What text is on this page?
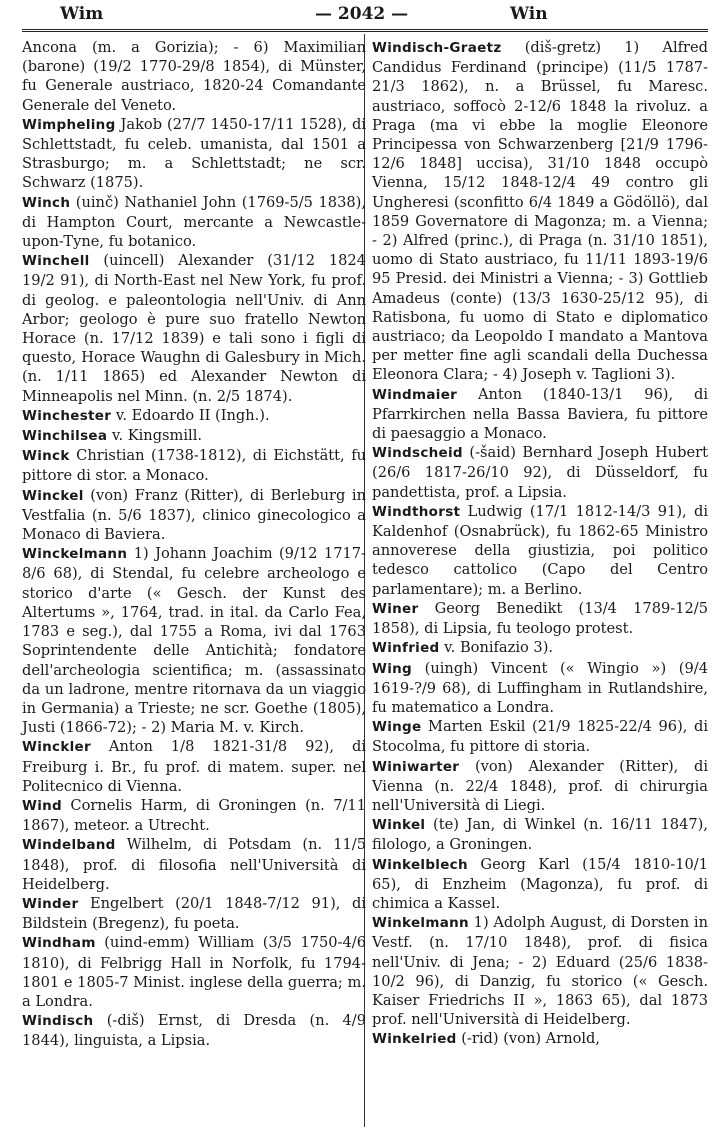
Wim	— 2042 —	Win

Ancona (m. a Gorizia); - 6) Maximilian (barone) (19/2 1770-29/8 1854), di Münster, fu Generale austriaco, 1820-24 Comandante Generale del Veneto.

Wimpheling Jakob (27/7 1450-17/11 1528), di Schlettstadt, fu celeb. umanista, dal 1501 a Strasburgo; m. a Schlettstadt; ne scr. Schwarz (1875).

Winch (uinč) Nathaniel John (1769-5/5 1838), di Hampton Court, mercante a Newcastle-upon-Tyne, fu botanico.

Winchell (uincell) Alexander (31/12 1824 19/2 91), di North-East nel New York, fu prof. di geolog. e paleontologia nell'Univ. di Ann Arbor; geologo è pure suo fratello Newton Horace (n. 17/12 1839) e tali sono i figli di questo, Horace Waughn di Galesbury in Mich. (n. 1/11 1865) ed Alexander Newton di Minneapolis nel Minn. (n. 2/5 1874).

Winchester v. Edoardo II (Ingh.).

Winchilsea v. Kingsmill.

Winck Christian (1738-1812), di Eichstätt, fu pittore di stor. a Monaco.

Winckel (von) Franz (Ritter), di Berleburg in Vestfalia (n. 5/6 1837), clinico ginecologico a Monaco di Baviera.

Winckelmann 1) Johann Joachim (9/12 1717-8/6 68), di Stendal, fu celebre archeologo e storico d'arte (« Gesch. der Kunst des Altertums », 1764, trad. in ital. da Carlo Fea, 1783 e seg.), dal 1755 a Roma, ivi dal 1763 Soprintendente delle Antichità; fondatore dell'archeologia scientifica; m. (assassinato da un ladrone, mentre ritornava da un viaggio in Germania) a Trieste; ne scr. Goethe (1805), Justi (1866-72); - 2) Maria M. v. Kirch.

Winckler Anton 1/8 1821-31/8 92), di Freiburg i. Br., fu prof. di matem. super. nel Politecnico di Vienna.

Wind Cornelis Harm, di Groningen (n. 7/11 1867), meteor. a Utrecht.

Windelband Wilhelm, di Potsdam (n. 11/5 1848), prof. di filosofia nell'Università di Heidelberg.

Winder Engelbert (20/1 1848-7/12 91), di Bildstein (Bregenz), fu poeta.

Windham (uind-emm) William (3/5 1750-4/6 1810), di Felbrigg Hall in Norfolk, fu 1794-1801 e 1805-7 Minist. inglese della guerra; m. a Londra.

Windisch (-diš) Ernst, di Dresda (n. 4/9 1844), linguista, a Lipsia.

Windisch-Graetz (diš-gretz) 1) Alfred Candidus Ferdinand (principe) (11/5 1787-21/3 1862), n. a Brüssel, fu Maresc. austriaco, soffocò 2-12/6 1848 la rivoluz. a Praga (ma vi ebbe la moglie Eleonore Principessa von Schwarzenberg [21/9 1796-12/6 1848] uccisa), 31/10 1848 occupò Vienna, 15/12 1848-12/4 49 contro gli Ungheresi (sconfitto 6/4 1849 a Gödöllö), dal 1859 Governatore di Magonza; m. a Vienna; - 2) Alfred (princ.), di Praga (n. 31/10 1851), uomo di Stato austriaco, fu 11/11 1893-19/6 95 Presid. dei Ministri a Vienna; - 3) Gottlieb Amadeus (conte) (13/3 1630-25/12 95), di Ratisbona, fu uomo di Stato e diplomatico austriaco; da Leopoldo I mandato a Mantova per metter fine agli scandali della Duchessa Eleonora Clara; - 4) Joseph v. Taglioni 3).

Windmaier Anton (1840-13/1 96), di Pfarrkirchen nella Bassa Baviera, fu pittore di paesaggio a Monaco.

Windscheid (-šaid) Bernhard Joseph Hubert (26/6 1817-26/10 92), di Düsseldorf, fu pandettista, prof. a Lipsia.

Windthorst Ludwig (17/1 1812-14/3 91), di Kaldenhof (Osnabrück), fu 1862-65 Ministro annoverese della giustizia, poi politico tedesco cattolico (Capo del Centro parlamentare); m. a Berlino.

Winer Georg Benedikt (13/4 1789-12/5 1858), di Lipsia, fu teologo protest.

Winfried v. Bonifazio 3).

Wing (uingh) Vincent (« Wingio ») (9/4 1619-?/9 68), di Luffingham in Rutlandshire, fu matematico a Londra.

Winge Marten Eskil (21/9 1825-22/4 96), di Stocolma, fu pittore di storia.

Winiwarter (von) Alexander (Ritter), di Vienna (n. 22/4 1848), prof. di chirurgia nell'Università di Liegi.

Winkel (te) Jan, di Winkel (n. 16/11 1847), filologo, a Groningen.

Winkelblech Georg Karl (15/4 1810-10/1 65), di Enzheim (Magonza), fu prof. di chimica a Kassel.

Winkelmann 1) Adolph August, di Dorsten in Vestf. (n. 17/10 1848), prof. di fisica nell'Univ. di Jena; - 2) Eduard (25/6 1838-10/2 96), di Danzig, fu storico (« Gesch. Kaiser Friedrichs II », 1863 65), dal 1873 prof. nell'Università di Heidelberg.

Winkelried (-rid) (von) Arnold,
